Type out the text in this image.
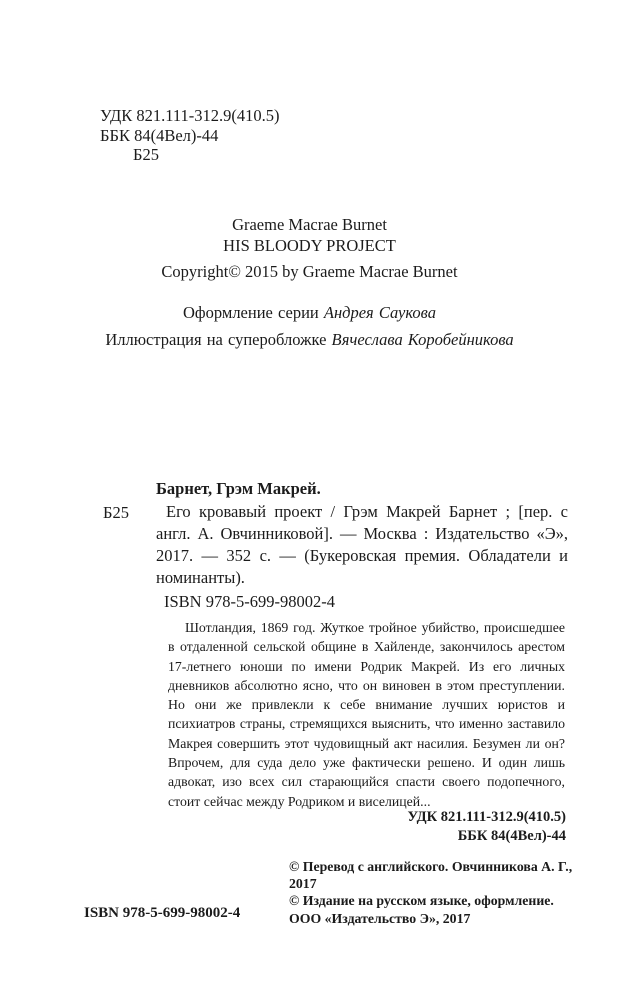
УДК 821.111-312.9(410.5)
ББК 84(4Вел)-44
Б25
Graeme Macrae Burnet
HIS BLOODY PROJECT
Copyright© 2015 by Graeme Macrae Burnet
Оформление серии Андрея Саукова
Иллюстрация на суперобложке Вячеслава Коробейникова
Барнет, Грэм Макрей.
Б25	Его кровавый проект / Грэм Макрей Барнет ; [пер. с англ. А. Овчинниковой]. — Москва : Издательство «Э», 2017. — 352 с. — (Букеровская премия. Обладатели и номинанты).
ISBN 978-5-699-98002-4
Шотландия, 1869 год. Жуткое тройное убийство, происшедшее в отдаленной сельской общине в Хайленде, закончилось арестом 17-летнего юноши по имени Родрик Макрей. Из его личных дневников абсолютно ясно, что он виновен в этом преступлении. Но они же привлекли к себе внимание лучших юристов и психиатров страны, стремящихся выяснить, что именно заставило Макрея совершить этот чудовищный акт насилия. Безумен ли он? Впрочем, для суда дело уже фактически решено. И один лишь адвокат, изо всех сил старающийся спасти своего подопечного, стоит сейчас между Родриком и виселицей...
УДК 821.111-312.9(410.5)
ББК 84(4Вел)-44
© Перевод с английского. Овчинникова А. Г.,
2017
© Издание на русском языке, оформление.
ООО «Издательство Э», 2017
ISBN 978-5-699-98002-4
